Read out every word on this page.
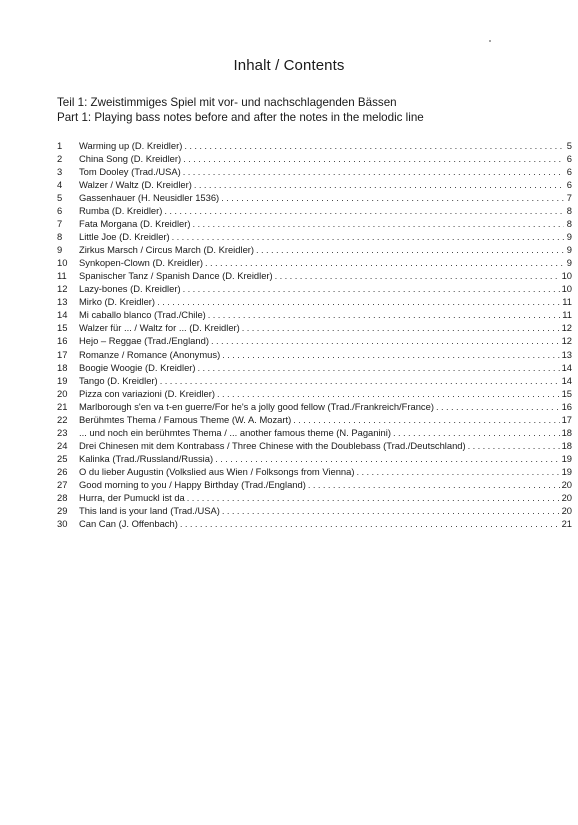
Inhalt / Contents
Teil 1: Zweistimmiges Spiel mit vor- und nachschlagenden Bässen
Part 1: Playing bass notes before and after the notes in the melodic line
1	Warming up (D. Kreidler) .....	5
2	China Song (D. Kreidler) .....	6
3	Tom Dooley (Trad./USA) .....	6
4	Walzer / Waltz (D. Kreidler) .....	6
5	Gassenhauer (H. Neusidler 1536) .....	7
6	Rumba (D. Kreidler) .....	8
7	Fata Morgana (D. Kreidler) .....	8
8	Little Joe (D. Kreidler) .....	9
9	Zirkus Marsch / Circus March (D. Kreidler) .....	9
10	Synkopen-Clown (D. Kreidler) .....	9
11	Spanischer Tanz / Spanish Dance (D. Kreidler) .....	10
12	Lazy-bones (D. Kreidler) .....	10
13	Mirko (D. Kreidler) .....	11
14	Mi caballo blanco (Trad./Chile) .....	11
15	Walzer für ... / Waltz for ... (D. Kreidler) .....	12
16	Hejo – Reggae (Trad./England) .....	12
17	Romanze / Romance (Anonymus) .....	13
18	Boogie Woogie (D. Kreidler) .....	14
19	Tango (D. Kreidler) .....	14
20	Pizza con variazioni (D. Kreidler) .....	15
21	Marlborough s'en va t-en guerre/For he's a jolly good fellow (Trad./Frankreich/France) .....	16
22	Berühmtes Thema / Famous Theme (W. A. Mozart) .....	17
23	... und noch ein berühmtes Thema / ... another famous theme (N. Paganini) .....	18
24	Drei Chinesen mit dem Kontrabass / Three Chinese with the Doublebass (Trad./Deutschland) .....	18
25	Kalinka (Trad./Russland/Russia) .....	19
26	O du lieber Augustin (Volkslied aus Wien / Folksongs from Vienna) .....	19
27	Good morning to you / Happy Birthday (Trad./England) .....	20
28	Hurra, der Pumuckl ist da .....	20
29	This land is your land (Trad./USA) .....	20
30	Can Can (J. Offenbach) .....	21
